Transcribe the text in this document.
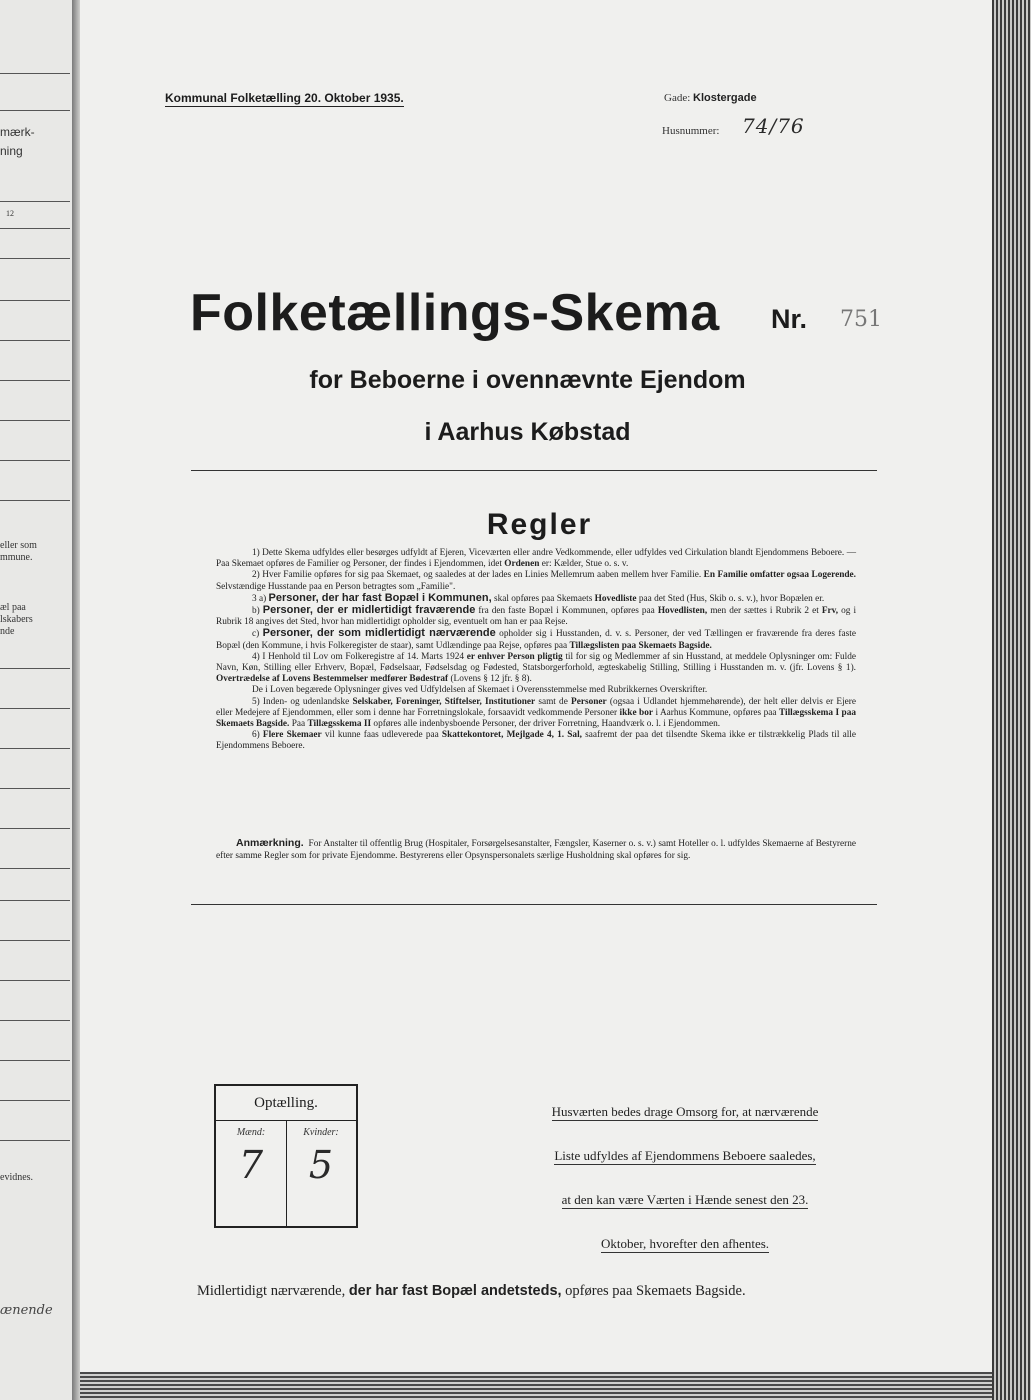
mærk-
ning
12
eller som
mmune.
æl paa
lskabers
nde
evidnes.
ænende
Kommunal Folketælling 20. Oktober 1935.	Gade: Klostergade
Husnummer: 74/76
Folketællings-Skema Nr. 751
for Beboerne i ovennævnte Ejendom
i Aarhus Købstad
Regler

1) Dette Skema udfyldes eller besørges udfyldt af Ejeren, Viceværten eller andre Vedkommende, eller udfyldes ved Cirkulation blandt Ejendommens Beboere. — Paa Skemaet opføres de Familier og Personer, der findes i Ejendommen, idet Ordenen er: Kælder, Stue o. s. v.

2) Hver Familie opføres for sig paa Skemaet, og saaledes at der lades en Linies Mellemrum aaben mellem hver Familie. En Familie omfatter ogsaa Logerende. Selvstændige Husstande paa en Person betragtes som „Familie".

3 a) Personer, der har fast Bopæl i Kommunen, skal opføres paa Skemaets Hovedliste paa det Sted (Hus, Skib o. s. v.), hvor Bopælen er.

b) Personer, der er midlertidigt fraværende fra den faste Bopæl i Kommunen, opføres paa Hovedlisten, men der sættes i Rubrik 2 et Frv, og i Rubrik 18 angives det Sted, hvor han midlertidigt opholder sig, eventuelt om han er paa Rejse.

c) Personer, der som midlertidigt nærværende opholder sig i Husstanden, d. v. s. Personer, der ved Tællingen er fraværende fra deres faste Bopæl (den Kommune, i hvis Folkeregister de staar), samt Udlændinge paa Rejse, opføres paa Tillægslisten paa Skemaets Bagside.

4) I Henhold til Lov om Folkeregistre af 14. Marts 1924 er enhver Person pligtig til for sig og Medlemmer af sin Husstand, at meddele Oplysninger om: Fulde Navn, Køn, Stilling eller Erhverv, Bopæl, Fødselsaar, Fødselsdag og Fødested, Statsborgerforhold, ægteskabelig Stilling, Stilling i Husstanden m. v. (jfr. Lovens § 1). Overtrædelse af Lovens Bestemmelser medfører Bødestraf (Lovens § 12 jfr. § 8).

De i Loven begærede Oplysninger gives ved Udfyldelsen af Skemaet i Overensstemmelse med Rubrikkernes Overskrifter.

5) Inden- og udenlandske Selskaber, Foreninger, Stiftelser, Institutioner samt de Personer (ogsaa i Udlandet hjemmehørende), der helt eller delvis er Ejere eller Medejere af Ejendommen, eller som i denne har Forretningslokale, forsaavidt vedkommende Personer ikke bor i Aarhus Kommune, opføres paa Tillægsskema I paa Skemaets Bagside. Paa Tillægsskema II opføres alle indenbysboende Personer, der driver Forretning, Haandværk o. l. i Ejendommen.

6) Flere Skemaer vil kunne faas udleverede paa Skattekontoret, Mejlgade 4, 1. Sal, saafremt der paa det tilsendte Skema ikke er tilstrækkelig Plads til alle Ejendommens Beboere.

Anmærkning. For Anstalter til offentlig Brug (Hospitaler, Forsørgelsesanstalter, Fængsler, Kaserner o. s. v.) samt Hoteller o. l. udfyldes Skemaerne af Bestyrerne efter samme Regler som for private Ejendomme. Bestyrerens eller Opsynspersonalets særlige Husholdning skal opføres for sig.
Optælling.
Mænd:
7
Kvinder:
5
Husværten bedes drage Omsorg for, at nærværende
Liste udfyldes af Ejendommens Beboere saaledes,
at den kan være Værten i Hænde senest den 23.
Oktober, hvorefter den afhentes.
Midlertidigt nærværende, der har fast Bopæl andetsteds, opføres paa Skemaets Bagside.
